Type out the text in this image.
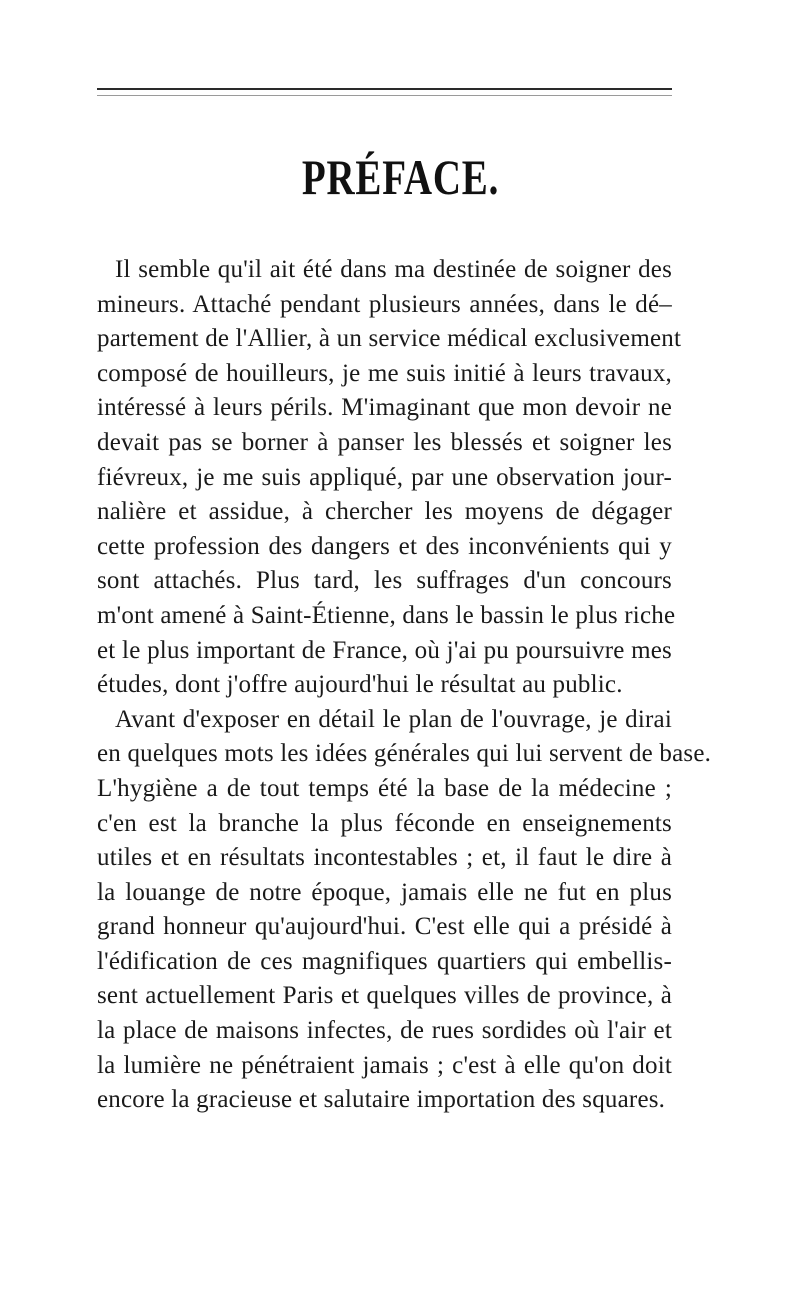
PRÉFACE.
Il semble qu'il ait été dans ma destinée de soigner des
mineurs. Attaché pendant plusieurs années, dans le dé–
partement de l'Allier, à un service médical exclusivement
composé de houilleurs, je me suis initié à leurs travaux,
intéressé à leurs périls. M'imaginant que mon devoir ne
devait pas se borner à panser les blessés et soigner les
fiévreux, je me suis appliqué, par une observation jour-
nalière et assidue, à chercher les moyens de dégager
cette profession des dangers et des inconvénients qui y
sont attachés. Plus tard, les suffrages d'un concours
m'ont amené à Saint-Étienne, dans le bassin le plus riche
et le plus important de France, où j'ai pu poursuivre mes
études, dont j'offre aujourd'hui le résultat au public.
Avant d'exposer en détail le plan de l'ouvrage, je dirai
en quelques mots les idées générales qui lui servent de base.
L'hygiène a de tout temps été la base de la médecine ;
c'en est la branche la plus féconde en enseignements
utiles et en résultats incontestables ; et, il faut le dire à
la louange de notre époque, jamais elle ne fut en plus
grand honneur qu'aujourd'hui. C'est elle qui a présidé à
l'édification de ces magnifiques quartiers qui embellis-
sent actuellement Paris et quelques villes de province, à
la place de maisons infectes, de rues sordides où l'air et
la lumière ne pénétraient jamais ; c'est à elle qu'on doit
encore la gracieuse et salutaire importation des squares.
